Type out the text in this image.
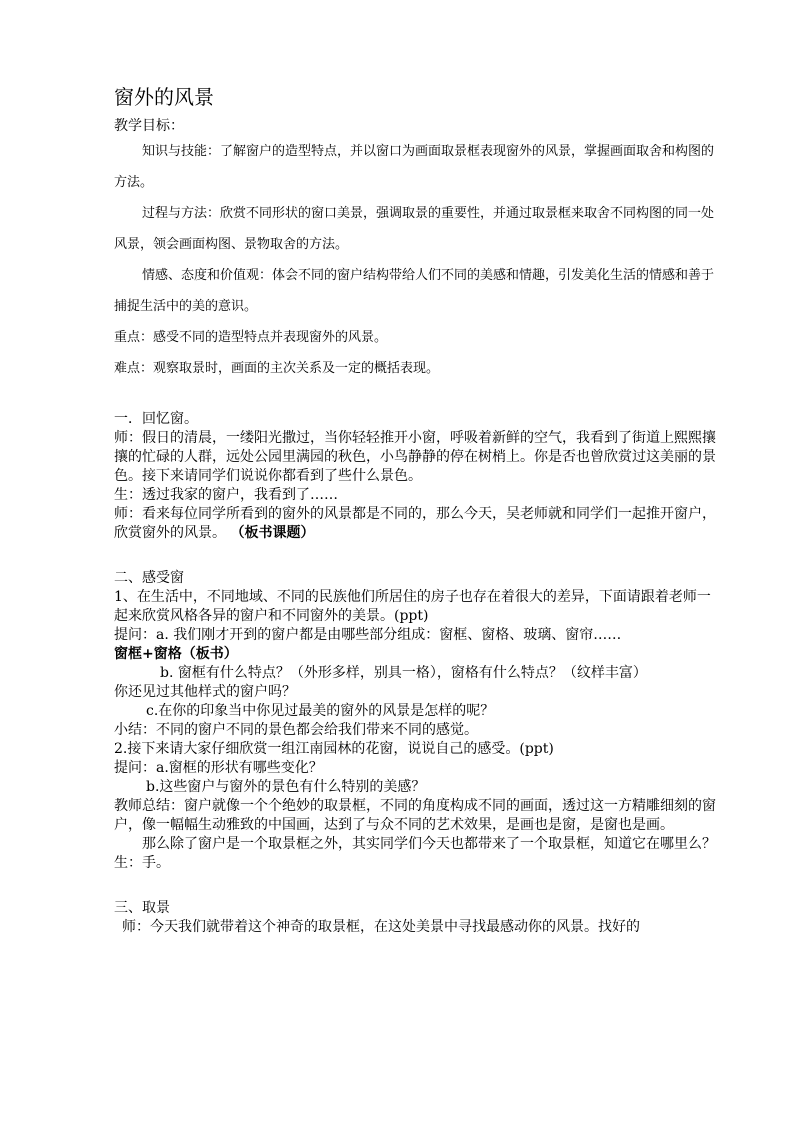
窗外的风景
教学目标：

知识与技能：了解窗户的造型特点，并以窗口为画面取景框表现窗外的风景，掌握画面取舍和构图的方法。

过程与方法：欣赏不同形状的窗口美景，强调取景的重要性，并通过取景框来取舍不同构图的同一处风景，领会画面构图、景物取舍的方法。

情感、态度和价值观：体会不同的窗户结构带给人们不同的美感和情趣，引发美化生活的情感和善于捕捉生活中的美的意识。

重点：感受不同的造型特点并表现窗外的风景。

难点：观察取景时，画面的主次关系及一定的概括表现。

一．回忆窗。

师：假日的清晨，一缕阳光撒过，当你轻轻推开小窗，呼吸着新鲜的空气，我看到了街道上熙熙攘攘的忙碌的人群，远处公园里满园的秋色，小鸟静静的停在树梢上。你是否也曾欣赏过这美丽的景色。接下来请同学们说说你都看到了些什么景色。

生：透过我家的窗户，我看到了……

师：看来每位同学所看到的窗外的风景都是不同的，那么今天，吴老师就和同学们一起推开窗户，欣赏窗外的风景。 （板书课题）

二、感受窗

1、在生活中，不同地域、不同的民族他们所居住的房子也存在着很大的差异，下面请跟着老师一起来欣赏风格各异的窗户和不同窗外的美景。(ppt)

提问：a. 我们刚才开到的窗户都是由哪些部分组成：窗框、窗格、玻璃、窗帘……

窗框+窗格（板书）

b. 窗框有什么特点？（外形多样，别具一格），窗格有什么特点？（纹样丰富）

你还见过其他样式的窗户吗？

c.在你的印象当中你见过最美的窗外的风景是怎样的呢？

小结：不同的窗户不同的景色都会给我们带来不同的感觉。

2.接下来请大家仔细欣赏一组江南园林的花窗，说说自己的感受。(ppt)

提问：a.窗框的形状有哪些变化？

b.这些窗户与窗外的景色有什么特别的美感？

教师总结：窗户就像一个个绝妙的取景框，不同的角度构成不同的画面，透过这一方精雕细刻的窗户，像一幅幅生动雅致的中国画，达到了与众不同的艺术效果，是画也是窗，是窗也是画。

那么除了窗户是一个取景框之外，其实同学们今天也都带来了一个取景框，知道它在哪里么？

生：手。

三、取景

师：今天我们就带着这个神奇的取景框，在这处美景中寻找最感动你的风景。找好的
